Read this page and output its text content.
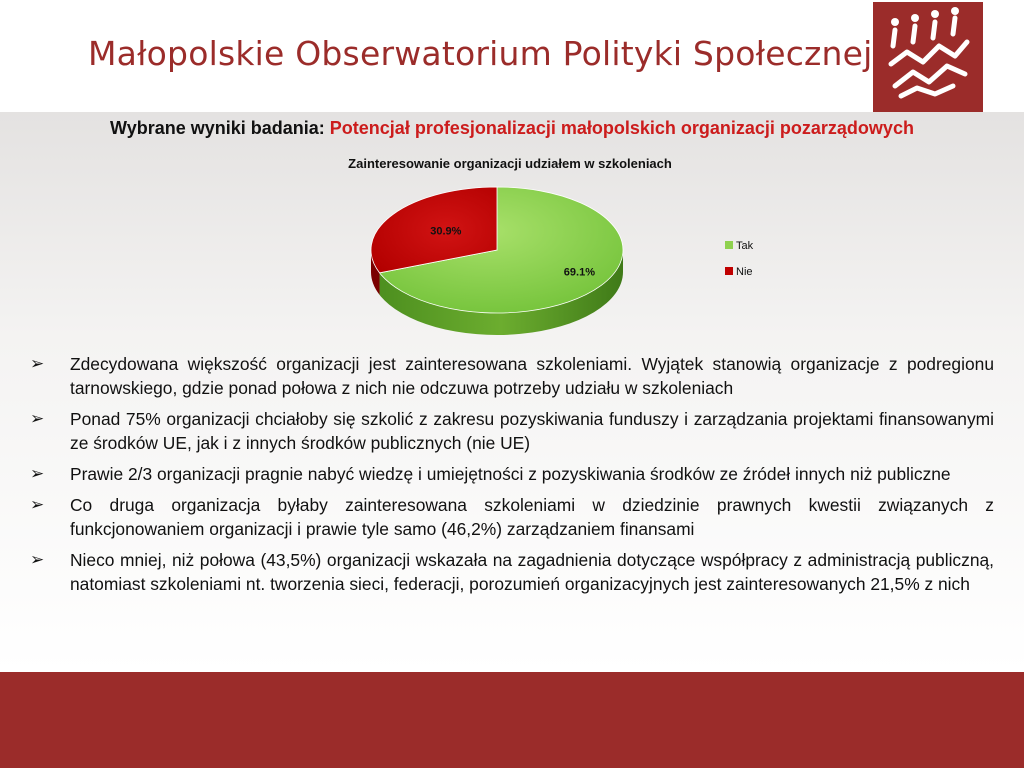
Małopolskie Obserwatorium Polityki Społecznej
Wybrane wyniki badania: Potencjał profesjonalizacji małopolskich organizacji pozarządowych
Zainteresowanie organizacji udziałem w szkoleniach
69.1%
30.9%
Tak
Nie
➢ Zdecydowana większość organizacji jest zainteresowana szkoleniami. Wyjątek stanowią organizacje z podregionu tarnowskiego, gdzie ponad połowa z nich nie odczuwa potrzeby udziału w szkoleniach
➢ Ponad 75% organizacji chciałoby się szkolić z zakresu pozyskiwania funduszy i zarządzania projektami finansowanymi ze środków UE, jak i z innych środków publicznych (nie UE)
➢ Prawie 2/3 organizacji pragnie nabyć wiedzę i umiejętności z pozyskiwania środków ze źródeł innych niż publiczne
➢ Co druga organizacja byłaby zainteresowana szkoleniami w dziedzinie prawnych kwestii związanych z funkcjonowaniem organizacji i prawie tyle samo (46,2%) zarządzaniem finansami
➢ Nieco mniej, niż połowa (43,5%) organizacji wskazała na zagadnienia dotyczące współpracy z administracją publiczną, natomiast szkoleniami nt. tworzenia sieci, federacji, porozumień organizacyjnych jest zainteresowanych 21,5% z nich
